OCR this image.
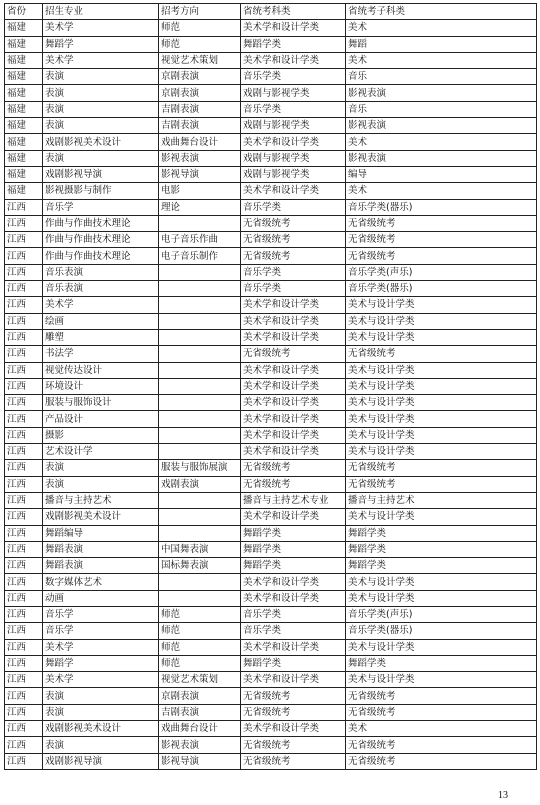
省份	招生专业	招考方向	省统考科类	省统考子科类
福建	美术学	师范	美术学和设计学类	美术
福建	舞蹈学	师范	舞蹈学类	舞蹈
福建	美术学	视觉艺术策划	美术学和设计学类	美术
福建	表演	京剧表演	音乐学类	音乐
福建	表演	京剧表演	戏剧与影视学类	影视表演
福建	表演	吉剧表演	音乐学类	音乐
福建	表演	吉剧表演	戏剧与影视学类	影视表演
福建	戏剧影视美术设计	戏曲舞台设计	美术学和设计学类	美术
福建	表演	影视表演	戏剧与影视学类	影视表演
福建	戏剧影视导演	影视导演	戏剧与影视学类	编导
福建	影视摄影与制作	电影	美术学和设计学类	美术
江西	音乐学	理论	音乐学类	音乐学类(器乐)
江西	作曲与作曲技术理论		无省级统考	无省级统考
江西	作曲与作曲技术理论	电子音乐作曲	无省级统考	无省级统考
江西	作曲与作曲技术理论	电子音乐制作	无省级统考	无省级统考
江西	音乐表演		音乐学类	音乐学类(声乐)
江西	音乐表演		音乐学类	音乐学类(器乐)
江西	美术学		美术学和设计学类	美术与设计学类
江西	绘画		美术学和设计学类	美术与设计学类
江西	雕塑		美术学和设计学类	美术与设计学类
江西	书法学		无省级统考	无省级统考
江西	视觉传达设计		美术学和设计学类	美术与设计学类
江西	环境设计		美术学和设计学类	美术与设计学类
江西	服装与服饰设计		美术学和设计学类	美术与设计学类
江西	产品设计		美术学和设计学类	美术与设计学类
江西	摄影		美术学和设计学类	美术与设计学类
江西	艺术设计学		美术学和设计学类	美术与设计学类
江西	表演	服装与服饰展演	无省级统考	无省级统考
江西	表演	戏剧表演	无省级统考	无省级统考
江西	播音与主持艺术		播音与主持艺术专业	播音与主持艺术
江西	戏剧影视美术设计		美术学和设计学类	美术与设计学类
江西	舞蹈编导		舞蹈学类	舞蹈学类
江西	舞蹈表演	中国舞表演	舞蹈学类	舞蹈学类
江西	舞蹈表演	国标舞表演	舞蹈学类	舞蹈学类
江西	数字媒体艺术		美术学和设计学类	美术与设计学类
江西	动画		美术学和设计学类	美术与设计学类
江西	音乐学	师范	音乐学类	音乐学类(声乐)
江西	音乐学	师范	音乐学类	音乐学类(器乐)
江西	美术学	师范	美术学和设计学类	美术与设计学类
江西	舞蹈学	师范	舞蹈学类	舞蹈学类
江西	美术学	视觉艺术策划	美术学和设计学类	美术与设计学类
江西	表演	京剧表演	无省级统考	无省级统考
江西	表演	吉剧表演	无省级统考	无省级统考
江西	戏剧影视美术设计	戏曲舞台设计	美术学和设计学类	美术
江西	表演	影视表演	无省级统考	无省级统考
江西	戏剧影视导演	影视导演	无省级统考	无省级统考
13
